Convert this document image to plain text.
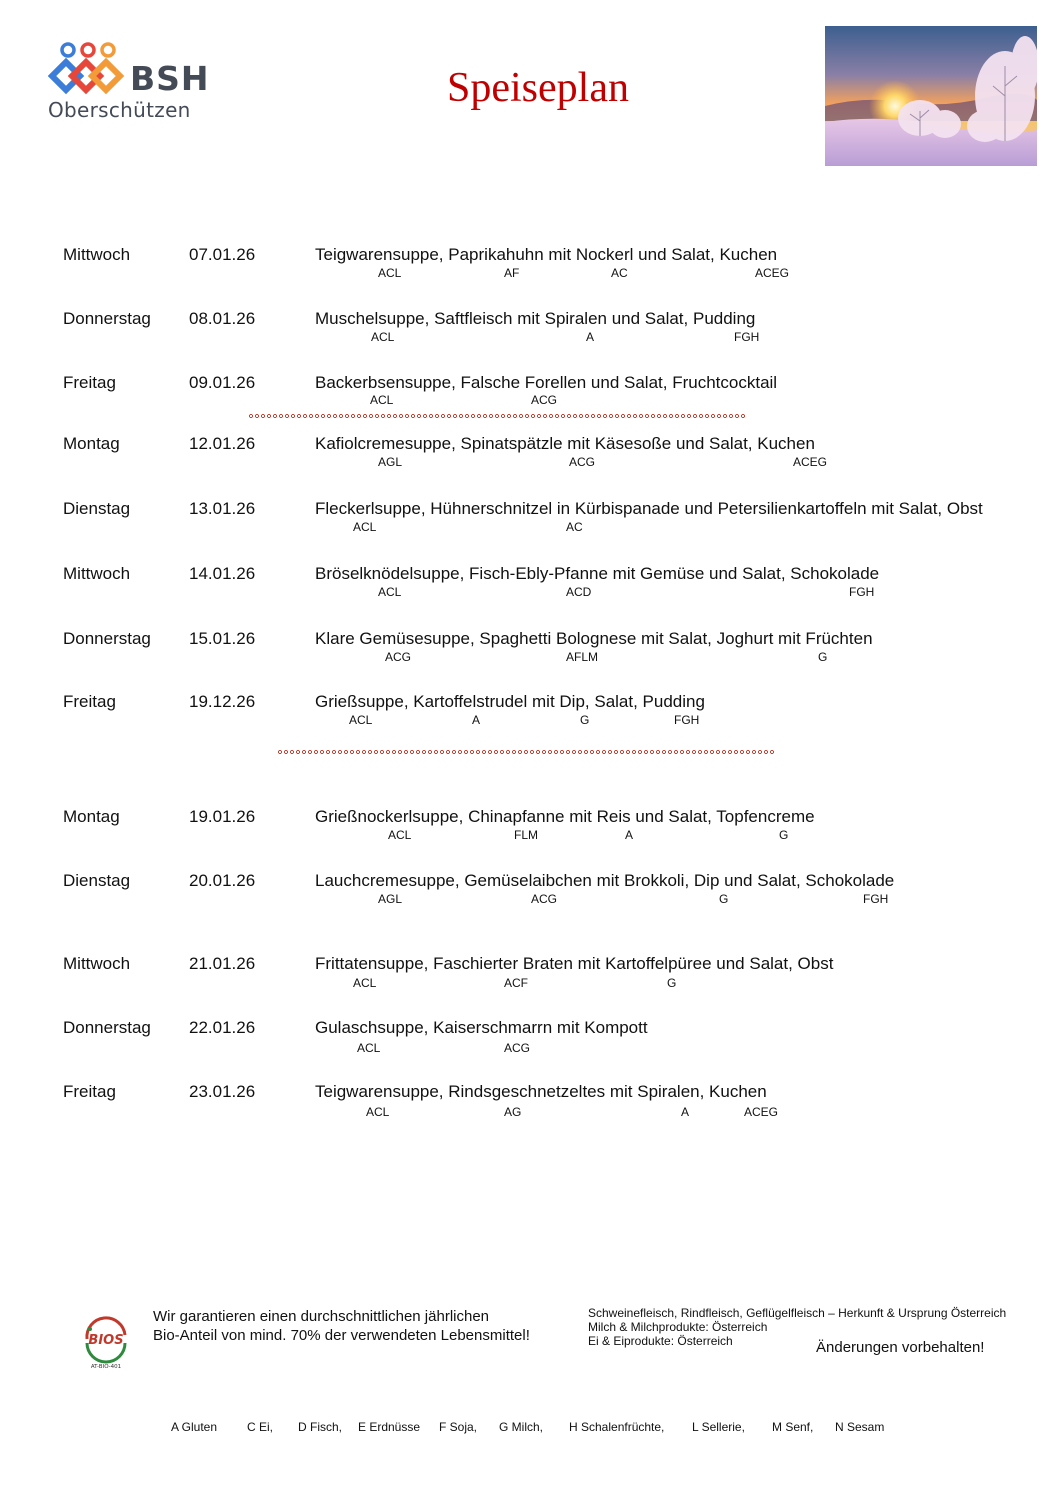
BSH
Oberschützen	Speiseplan
Mittwoch	07.01.26	Teigwarensuppe, Paprikahuhn mit Nockerl und Salat, Kuchen
ACL	AF	AC	ACEG
Donnerstag 08.01.26	Muschelsuppe, Saftfleisch mit Spiralen und Salat, Pudding
ACL	A	FGH
Freitag	09.01.26	Backerbsensuppe, Falsche Forellen und Salat, Fruchtcocktail
ACL	ACG
Montag	12.01.26	Kafiolcremesuppe, Spinatspätzle mit Käsesoße und Salat, Kuchen
AGL	ACG	ACEG
Dienstag	13.01.26	Fleckerlsuppe, Hühnerschnitzel in Kürbispanade und Petersilienkartoffeln mit Salat, Obst
ACL	AC
Mittwoch	14.01.26	Bröselknödelsuppe, Fisch-Ebly-Pfanne mit Gemüse und Salat, Schokolade
ACL	ACD	FGH
Donnerstag 15.01.26	Klare Gemüsesuppe, Spaghetti Bolognese mit Salat, Joghurt mit Früchten
ACG	AFLM	G
Freitag	19.12.26	Grießsuppe, Kartoffelstrudel mit Dip, Salat, Pudding
ACL	A	G	FGH
Montag	19.01.26	Grießnockerlsuppe, Chinapfanne mit Reis und Salat, Topfencreme
ACL	FLM	A	G
Dienstag	20.01.26	Lauchcremesuppe, Gemüselaibchen mit Brokkoli, Dip und Salat, Schokolade
AGL	ACG	G	FGH
Mittwoch	21.01.26	Frittatensuppe, Faschierter Braten mit Kartoffelpüree und Salat, Obst
ACL	ACF	G
Donnerstag 22.01.26	Gulaschsuppe, Kaiserschmarrn mit Kompott
ACL	ACG
Freitag	23.01.26	Teigwarensuppe, Rindsgeschnetzeltes mit Spiralen, Kuchen
ACL	AG	A	ACEG
BIOS
AT-BIO-401
Wir garantieren einen durchschnittlichen jährlichen
Bio-Anteil von mind. 70% der verwendeten Lebensmittel!
Schweinefleisch, Rindfleisch, Geflügelfleisch – Herkunft & Ursprung Österreich
Milch & Milchprodukte: Österreich
Ei & Eiprodukte: Österreich	Änderungen vorbehalten!
A Gluten C Ei, D Fisch, E Erdnüsse F Soja, G Milch, H Schalenfrüchte, L Sellerie, M Senf, N Sesam
